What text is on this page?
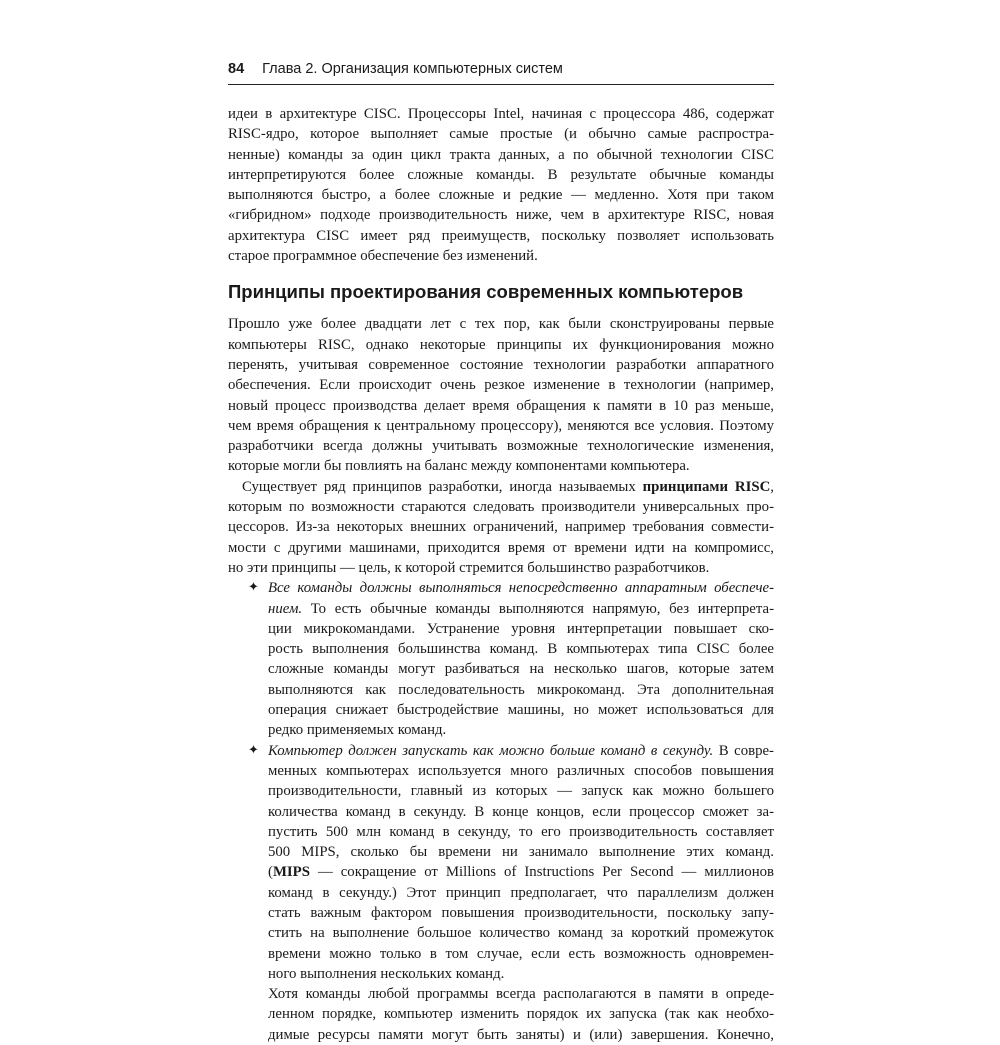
84 Глава 2. Организация компьютерных систем

идеи в архитектуре CISC. Процессоры Intel, начиная с процессора 486, содержат
RISC-ядро, которое выполняет самые простые (и обычно самые распростра-
ненные) команды за один цикл тракта данных, а по обычной технологии CISC
интерпретируются более сложные команды. В результате обычные команды
выполняются быстро, а более сложные и редкие — медленно. Хотя при таком
«гибридном» подходе производительность ниже, чем в архитектуре RISC, новая
архитектура CISC имеет ряд преимуществ, поскольку позволяет использовать
старое программное обеспечение без изменений.

Принципы проектирования современных компьютеров

Прошло уже более двадцати лет с тех пор, как были сконструированы первые
компьютеры RISC, однако некоторые принципы их функционирования можно
перенять, учитывая современное состояние технологии разработки аппаратного
обеспечения. Если происходит очень резкое изменение в технологии (например,
новый процесс производства делает время обращения к памяти в 10 раз меньше,
чем время обращения к центральному процессору), меняются все условия. Поэтому
разработчики всегда должны учитывать возможные технологические изменения,
которые могли бы повлиять на баланс между компонентами компьютера.

Существует ряд принципов разработки, иногда называемых принципами RISC,
которым по возможности стараются следовать производители универсальных про-
цессоров. Из-за некоторых внешних ограничений, например требования совмести-
мости с другими машинами, приходится время от времени идти на компромисс,
но эти принципы — цель, к которой стремится большинство разработчиков.

✦ Все команды должны выполняться непосредственно аппаратным обеспече-
нием. То есть обычные команды выполняются напрямую, без интерпрета-
ции микрокомандами. Устранение уровня интерпретации повышает ско-
рость выполнения большинства команд. В компьютерах типа CISC более
сложные команды могут разбиваться на несколько шагов, которые затем
выполняются как последовательность микрокоманд. Эта дополнительная
операция снижает быстродействие машины, но может использоваться для
редко применяемых команд.
✦ Компьютер должен запускать как можно больше команд в секунду. В совре-
менных компьютерах используется много различных способов повышения
производительности, главный из которых — запуск как можно большего
количества команд в секунду. В конце концов, если процессор сможет за-
пустить 500 млн команд в секунду, то его производительность составляет
500 MIPS, сколько бы времени ни занимало выполнение этих команд.
(MIPS — сокращение от Millions of Instructions Per Second — миллионов
команд в секунду.) Этот принцип предполагает, что параллелизм должен
стать важным фактором повышения производительности, поскольку запу-
стить на выполнение большое количество команд за короткий промежуток
времени можно только в том случае, если есть возможность одновремен-
ного выполнения нескольких команд.
Хотя команды любой программы всегда располагаются в памяти в опреде-
ленном порядке, компьютер изменить порядок их запуска (так как необхо-
димые ресурсы памяти могут быть заняты) и (или) завершения. Конечно,
